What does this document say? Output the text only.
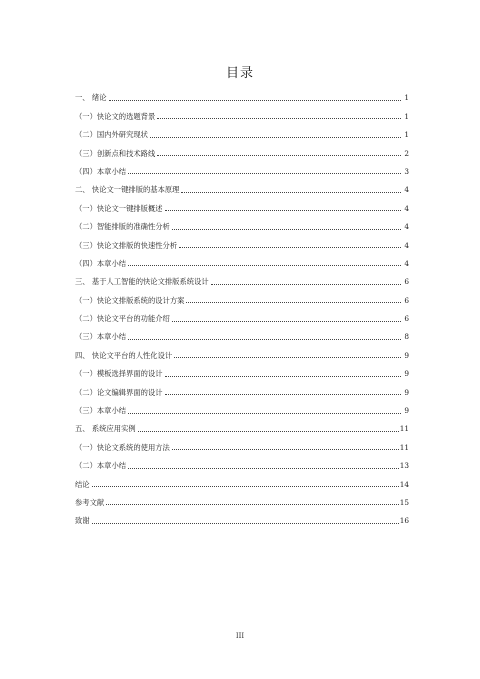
目录
一、 绪论	1
（一）快论文的选题背景	1
（二）国内外研究现状	1
（三）创新点和技术路线	2
（四）本章小结	3
二、 快论文一键排版的基本原理	4
（一）快论文一键排版概述	4
（二）智能排版的准确性分析	4
（三）快论文排版的快速性分析	4
（四）本章小结	4
三、 基于人工智能的快论文排版系统设计	6
（一）快论文排版系统的设计方案	6
（二）快论文平台的功能介绍	6
（三）本章小结	8
四、 快论文平台的人性化设计	9
（一）模板选择界面的设计	9
（二）论文编辑界面的设计	9
（三）本章小结	9
五、 系统应用实例	11
（一）快论文系统的使用方法	11
（二）本章小结	13
结论	14
参考文献	15
致谢	16
III
